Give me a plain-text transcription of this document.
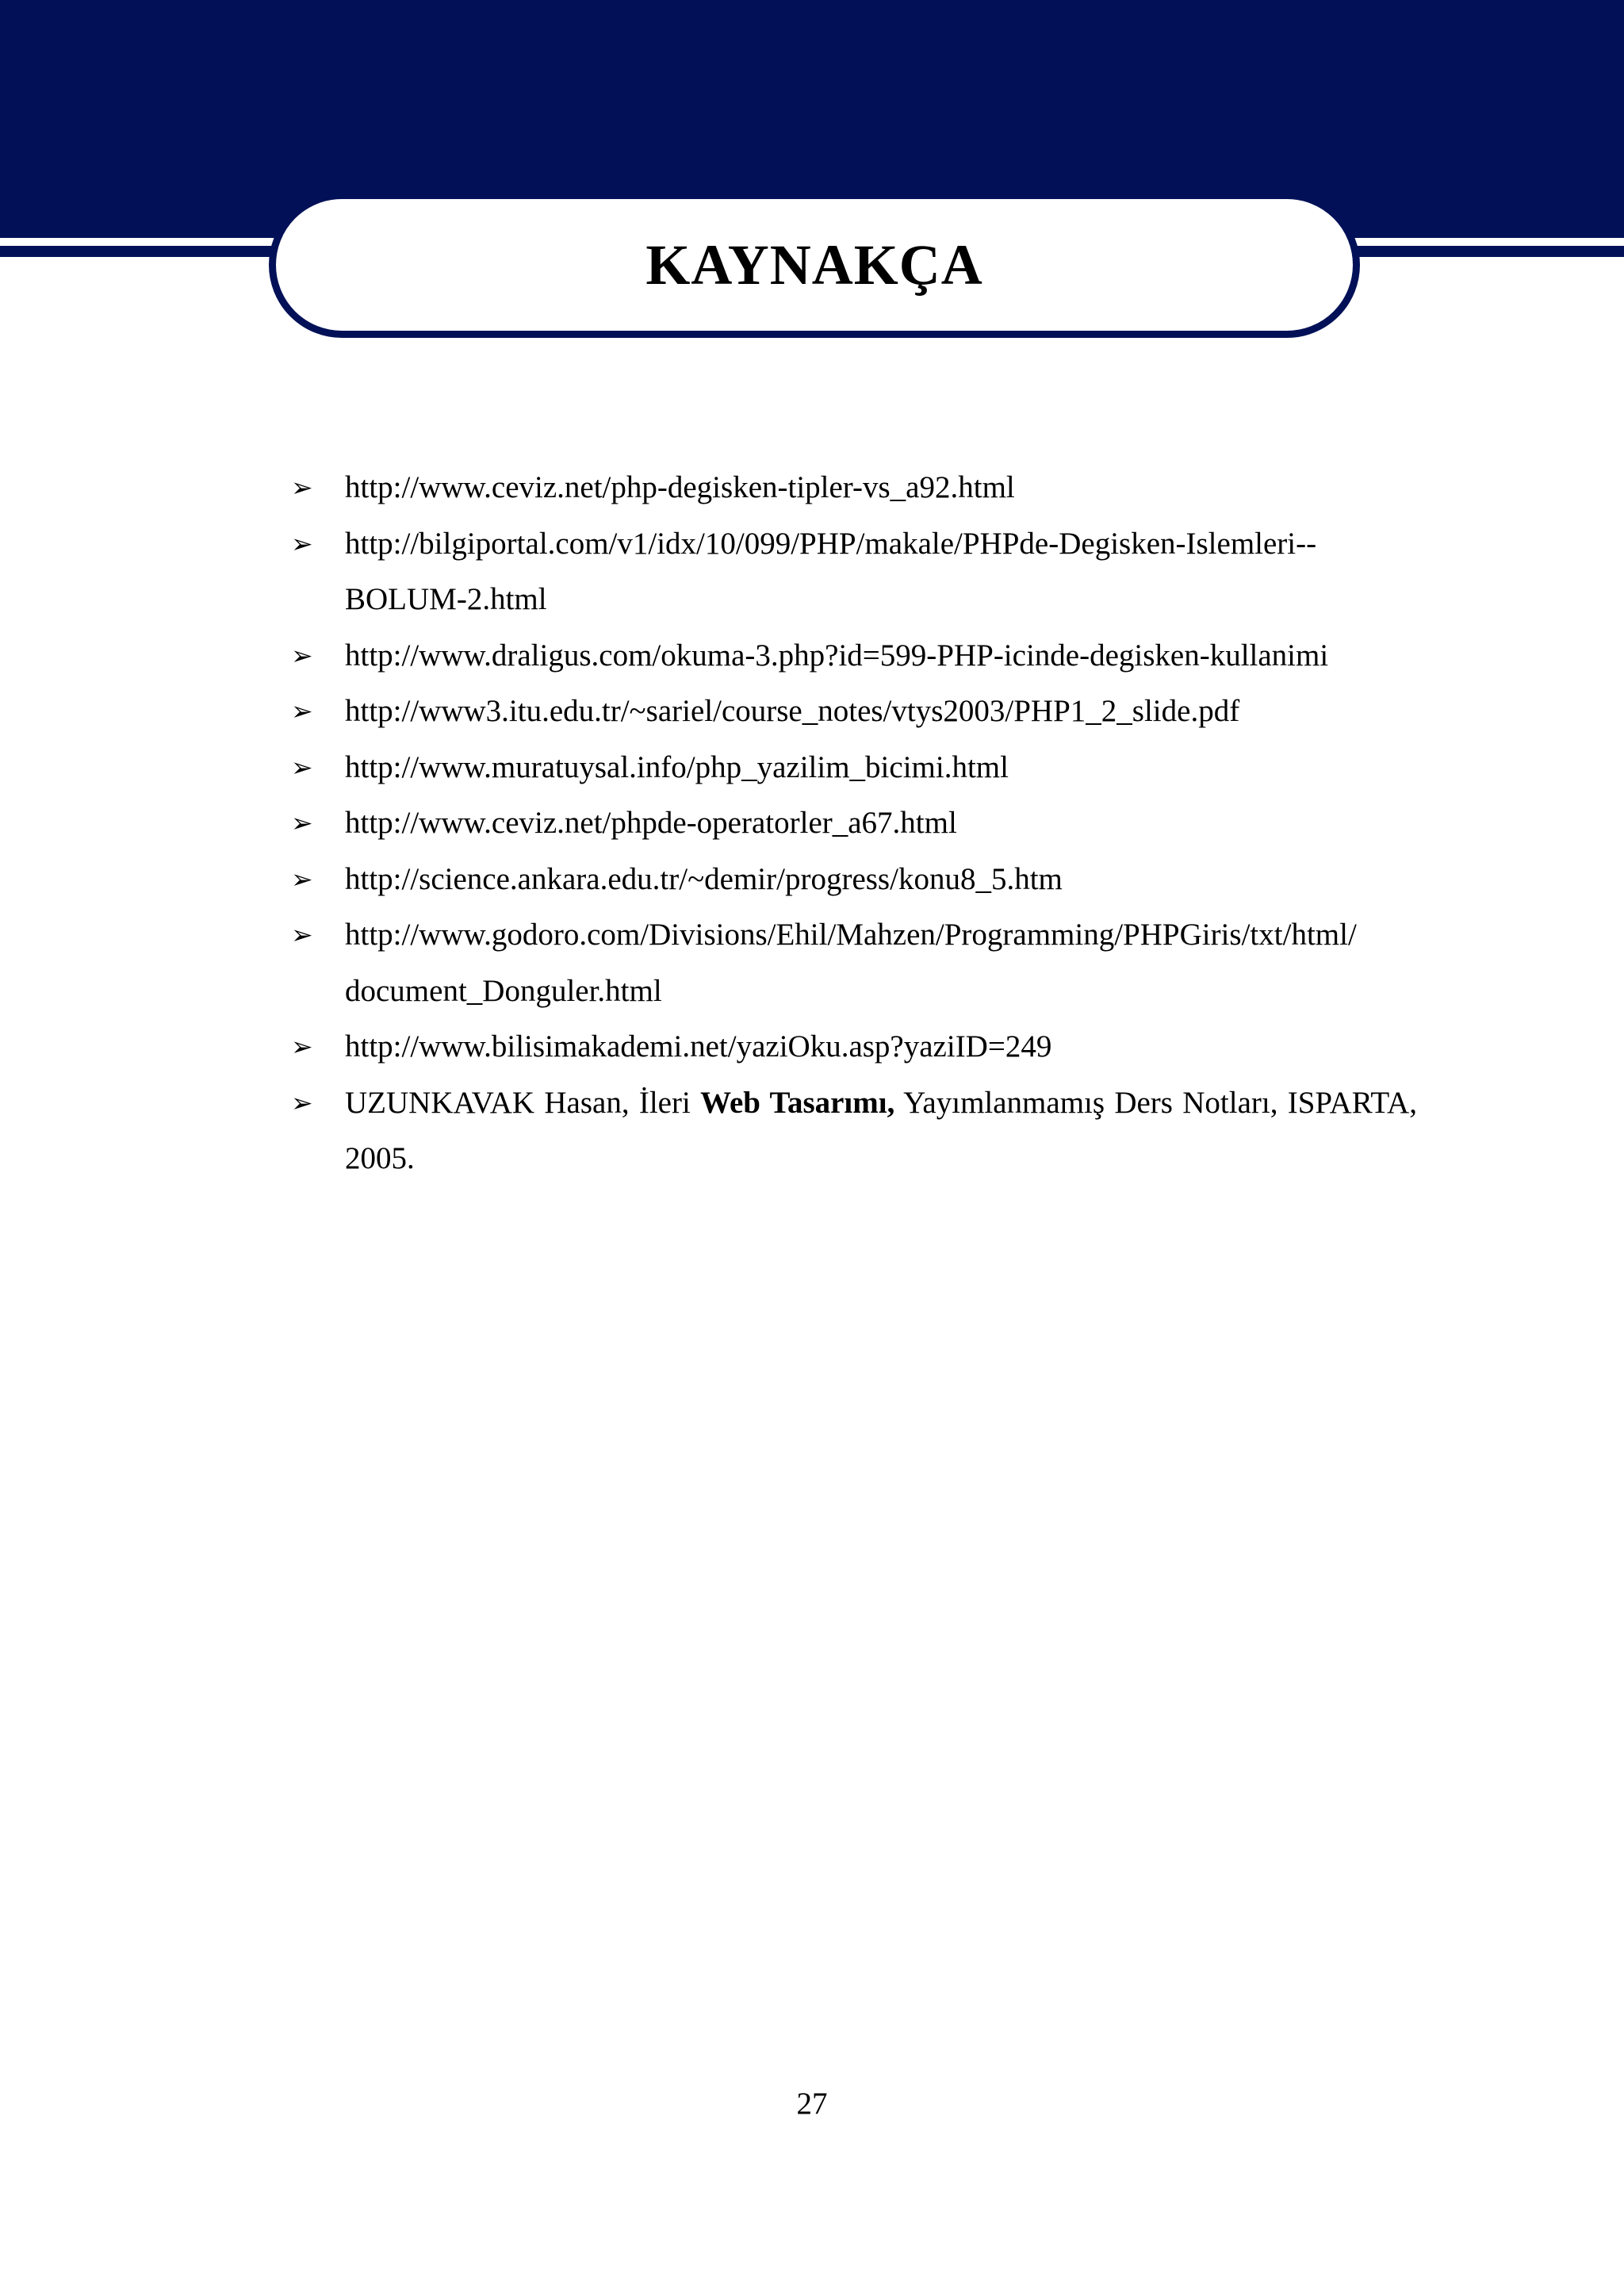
KAYNAKÇA
➢	http://www.ceviz.net/php-degisken-tipler-vs_a92.html
➢	http://bilgiportal.com/v1/idx/10/099/PHP/makale/PHPde-Degisken-Islemleri--
BOLUM-2.html
➢	http://www.draligus.com/okuma-3.php?id=599-PHP-icinde-degisken-kullanimi
➢	http://www3.itu.edu.tr/~sariel/course_notes/vtys2003/PHP1_2_slide.pdf
➢	http://www.muratuysal.info/php_yazilim_bicimi.html
➢	http://www.ceviz.net/phpde-operatorler_a67.html
➢	http://science.ankara.edu.tr/~demir/progress/konu8_5.htm
➢	http://www.godoro.com/Divisions/Ehil/Mahzen/Programming/PHPGiris/txt/html/
document_Donguler.html
➢	http://www.bilisimakademi.net/yaziOku.asp?yaziID=249
➢	UZUNKAVAK Hasan, İleri Web Tasarımı, Yayımlanmamış Ders Notları, ISPARTA, 2005.
27
